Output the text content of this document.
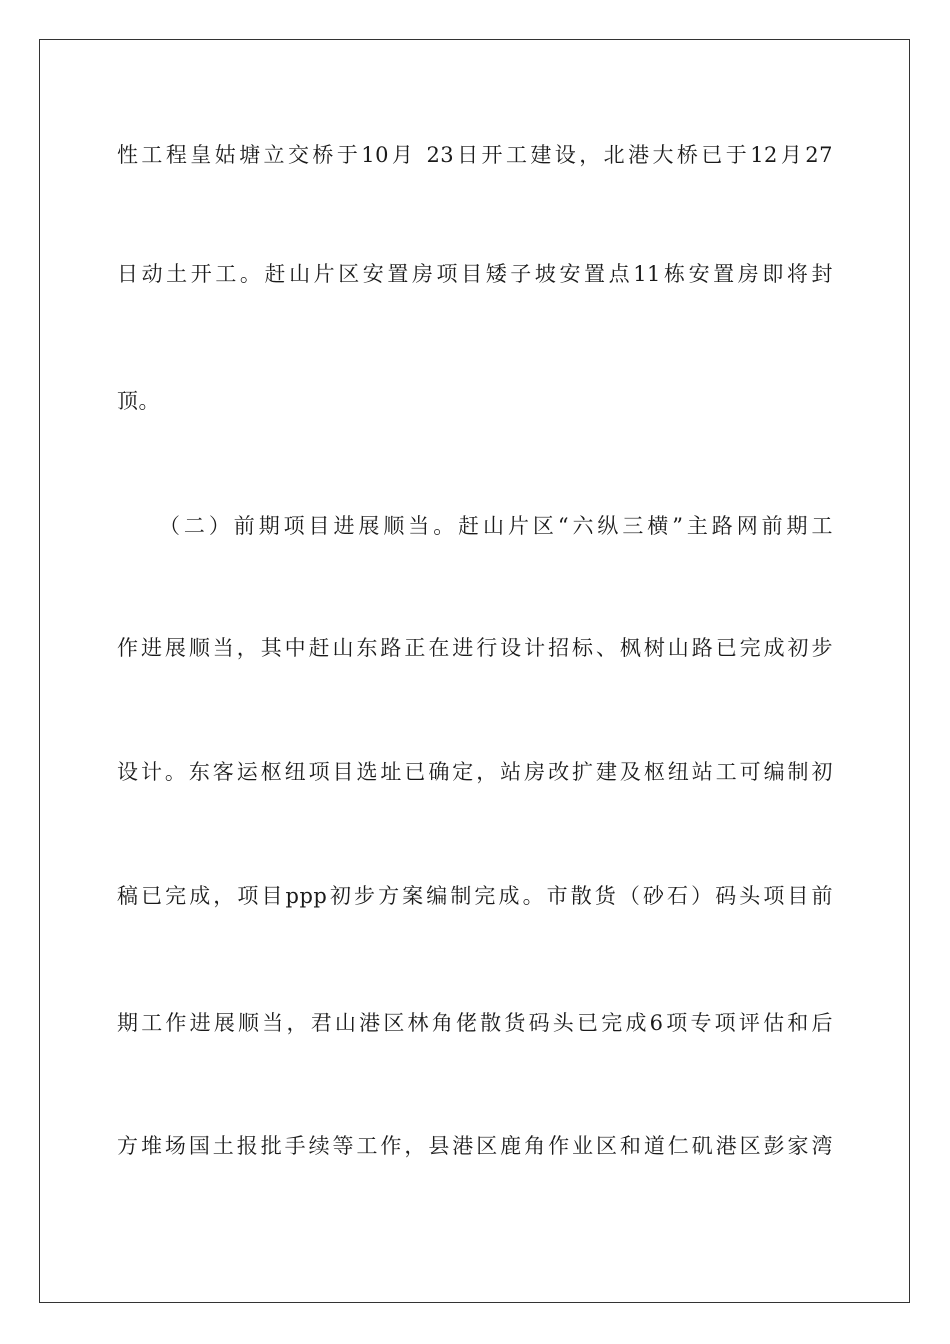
性工程皇姑塘立交桥于10月 23日开工建设，北港大桥已于12月27

日动土开工。赶山片区安置房项目矮子坡安置点11栋安置房即将封

顶。

（二）前期项目进展顺当。赶山片区“六纵三横”主路网前期工

作进展顺当，其中赶山东路正在进行设计招标、枫树山路已完成初步

设计。东客运枢纽项目选址已确定，站房改扩建及枢纽站工可编制初

稿已完成，项目ppp初步方案编制完成。市散货（砂石）码头项目前

期工作进展顺当，君山港区林角佬散货码头已完成6项专项评估和后

方堆场国土报批手续等工作，县港区鹿角作业区和道仁矶港区彭家湾
